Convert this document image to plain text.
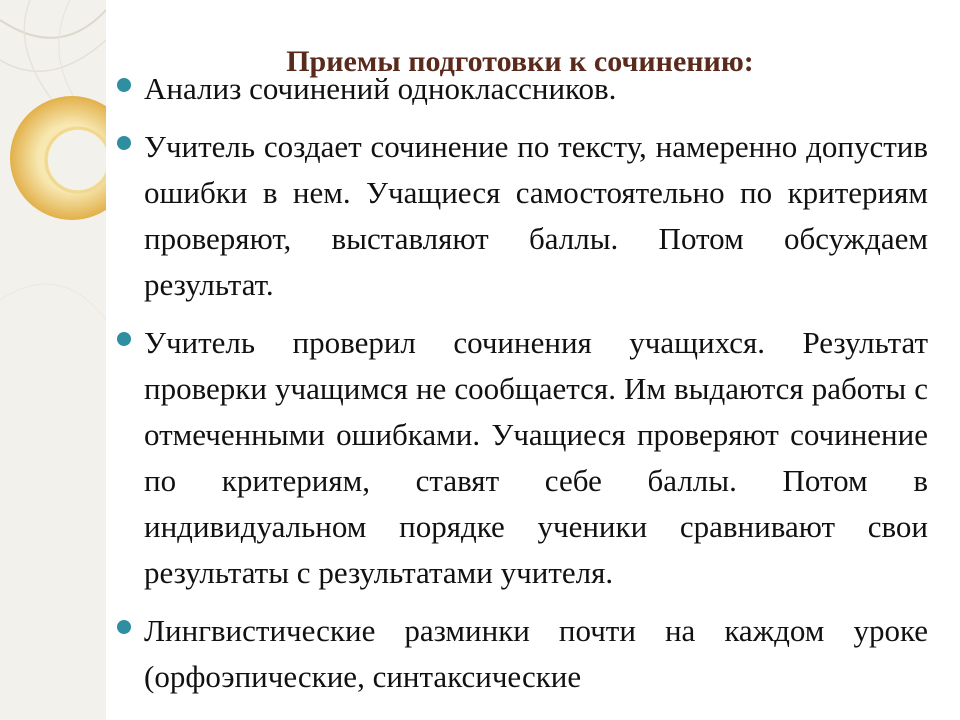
Приемы подготовки к сочинению:
Анализ сочинений одноклассников.
Учитель создает сочинение по тексту, намеренно допустив ошибки в нем. Учащиеся самостоятельно по критериям проверяют, выставляют баллы. Потом обсуждаем результат.
Учитель проверил сочинения учащихся. Результат проверки учащимся не сообщается. Им выдаются работы с отмеченными ошибками. Учащиеся проверяют сочинение по критериям, ставят себе баллы. Потом в индивидуальном порядке ученики сравнивают свои результаты с результатами учителя.
Лингвистические разминки почти на каждом уроке (орфоэпические, синтаксические
